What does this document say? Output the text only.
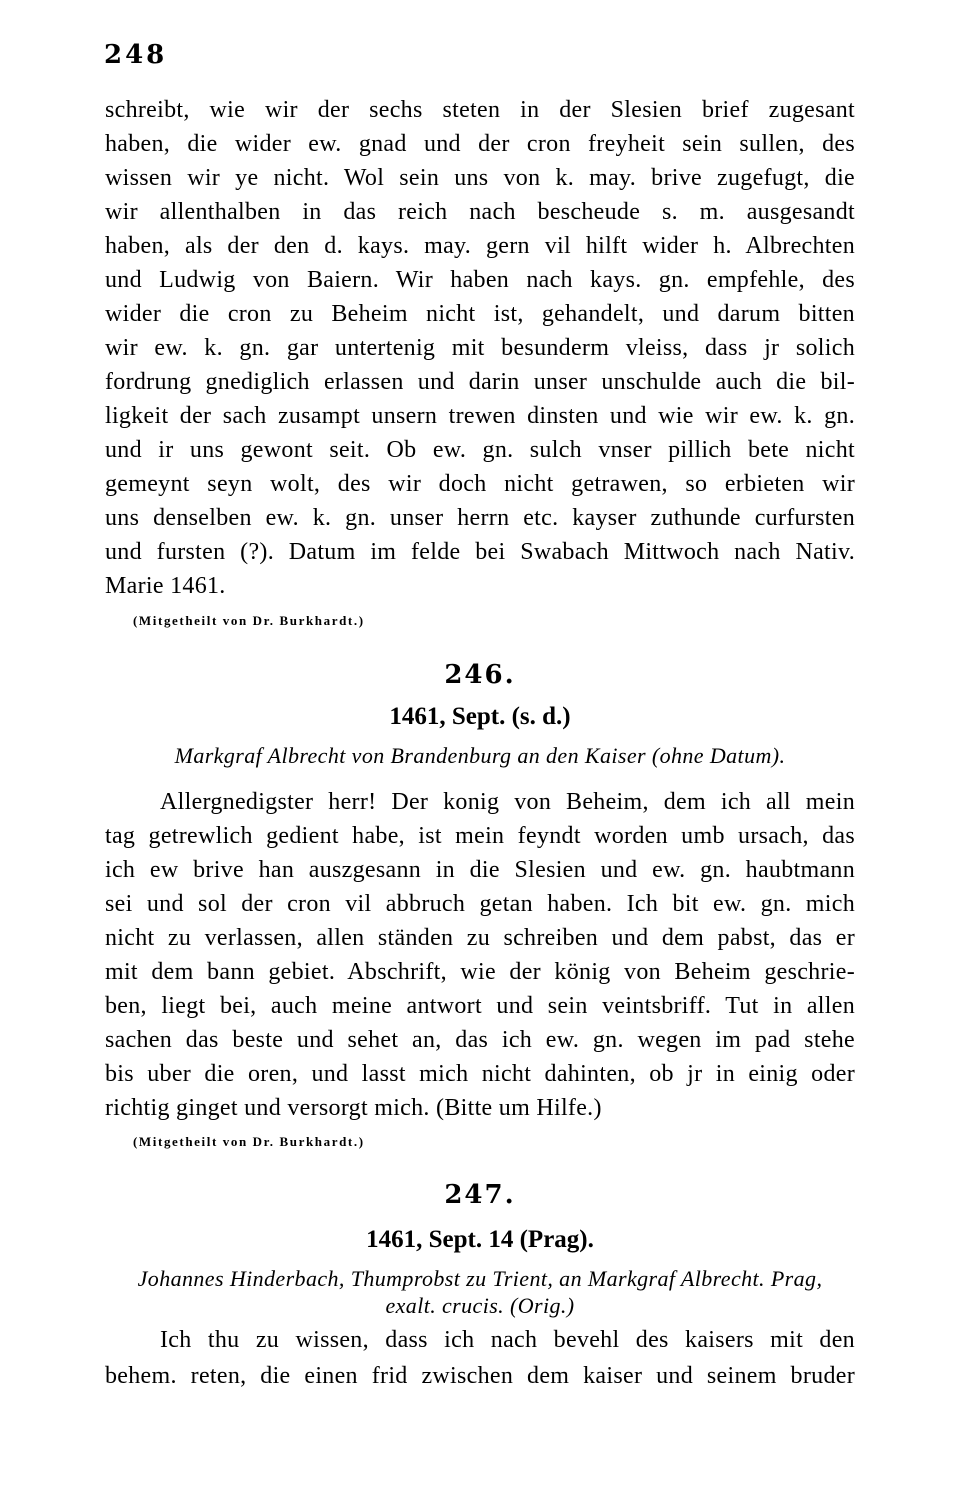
248
schreibt, wie wir der sechs steten in der Slesien brief zugesant
haben, die wider ew. gnad und der cron freyheit sein sullen, des
wissen wir ye nicht. Wol sein uns von k. may. brive zugefugt, die
wir allenthalben in das reich nach bescheude s. m. ausgesandt
haben, als der den d. kays. may. gern vil hilft wider h. Albrechten
und Ludwig von Baiern. Wir haben nach kays. gn. empfehle, des
wider die cron zu Beheim nicht ist, gehandelt, und darum bitten
wir ew. k. gn. gar untertenig mit besunderm vleiss, dass jr solich
fordrung gnediglich erlassen und darin unser unschulde auch die bil-
ligkeit der sach zusampt unsern trewen dinsten und wie wir ew. k. gn.
und ir uns gewont seit. Ob ew. gn. sulch vnser pillich bete nicht
gemeynt seyn wolt, des wir doch nicht getrawen, so erbieten wir
uns denselben ew. k. gn. unser herrn etc. kayser zuthunde curfursten
und fursten (?). Datum im felde bei Swabach Mittwoch nach Nativ.
Marie 1461.
(Mitgetheilt von Dr. Burkhardt.)
246.
1461, Sept. (s. d.)
Markgraf Albrecht von Brandenburg an den Kaiser (ohne Datum).
Allergnedigster herr! Der konig von Beheim, dem ich all mein
tag getrewlich gedient habe, ist mein feyndt worden umb ursach, das
ich ew brive han auszgesann in die Slesien und ew. gn. haubtmann
sei und sol der cron vil abbruch getan haben. Ich bit ew. gn. mich
nicht zu verlassen, allen ständen zu schreiben und dem pabst, das er
mit dem bann gebiet. Abschrift, wie der könig von Beheim geschrie-
ben, liegt bei, auch meine antwort und sein veintsbriff. Tut in allen
sachen das beste und sehet an, das ich ew. gn. wegen im pad stehe
bis uber die oren, und lasst mich nicht dahinten, ob jr in einig oder
richtig ginget und versorgt mich. (Bitte um Hilfe.)
(Mitgetheilt von Dr. Burkhardt.)
247.
1461, Sept. 14 (Prag).
Johannes Hinderbach, Thumprobst zu Trient, an Markgraf Albrecht. Prag,
exalt. crucis. (Orig.)
Ich thu zu wissen, dass ich nach bevehl des kaisers mit den
behem. reten, die einen frid zwischen dem kaiser und seinem bruder
